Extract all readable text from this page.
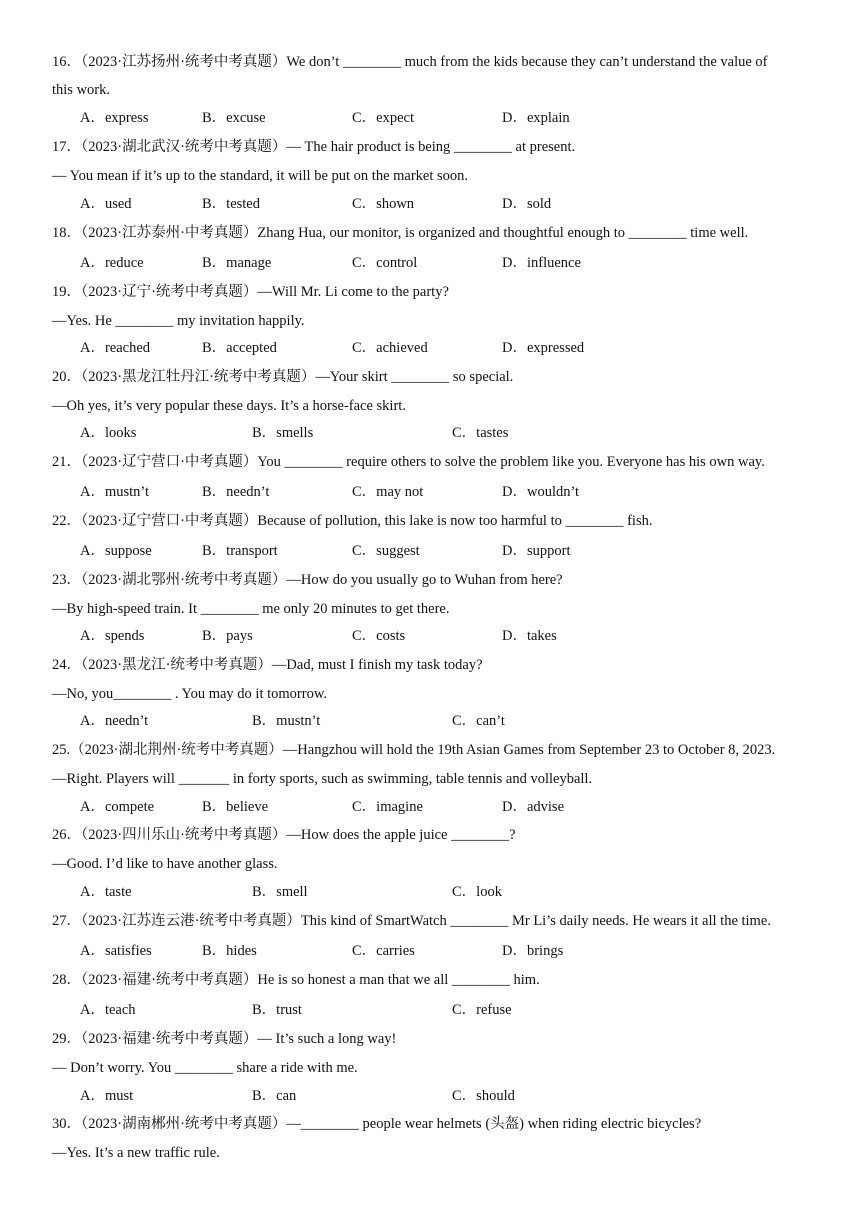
16．（2023·江苏扬州·统考中考真题）We don’t ________ much from the kids because they can’t understand the value of
this work.
A．express	B．excuse	C．expect	D．explain
17．（2023·湖北武汉·统考中考真题）— The hair product is being ________ at present.
— You mean if it’s up to the standard, it will be put on the market soon.
A．used	B．tested	C．shown	D．sold
18．（2023·江苏泰州·中考真题）Zhang Hua, our monitor, is organized and thoughtful enough to ________ time well.
A．reduce	B．manage	C．control	D．influence
19．（2023·辽宁·统考中考真题）—Will Mr. Li come to the party?
—Yes. He ________ my invitation happily.
A．reached	B．accepted	C．achieved	D．expressed
20．（2023·黑龙江牡丹江·统考中考真题）—Your skirt ________ so special.
—Oh yes, it’s very popular these days. It’s a horse-face skirt.
A．looks	B．smells	C．tastes
21．（2023·辽宁营口·中考真题）You ________ require others to solve the problem like you. Everyone has his own way.
A．mustn’t	B．needn’t	C．may not	D．wouldn’t
22．（2023·辽宁营口·中考真题）Because of pollution, this lake is now too harmful to ________ fish.
A．suppose	B．transport	C．suggest	D．support
23．（2023·湖北鄂州·统考中考真题）—How do you usually go to Wuhan from here?
—By high-speed train. It ________ me only 20 minutes to get there.
A．spends	B．pays	C．costs	D．takes
24．（2023·黑龙江·统考中考真题）—Dad, must I finish my task today?
—No, you________ . You may do it tomorrow.
A．needn’t	B．mustn’t	C．can’t
25.（2023·湖北荆州·统考中考真题）—Hangzhou will hold the 19th Asian Games from September 23 to October 8, 2023.
—Right. Players will _______ in forty sports, such as swimming, table tennis and volleyball.
A．compete	B．believe	C．imagine	D．advise
26．（2023·四川乐山·统考中考真题）—How does the apple juice ________?
—Good. I’d like to have another glass.
A．taste	B．smell	C．look
27．（2023·江苏连云港·统考中考真题）This kind of SmartWatch ________ Mr Li’s daily needs. He wears it all the time.
A．satisfies	B．hides	C．carries	D．brings
28．（2023·福建·统考中考真题）He is so honest a man that we all ________ him.
A．teach	B．trust	C．refuse
29．（2023·福建·统考中考真题）— It’s such a long way!
— Don’t worry. You ________ share a ride with me.
A．must	B．can	C．should
30．（2023·湖南郴州·统考中考真题）—________ people wear helmets (头盔) when riding electric bicycles?
—Yes. It’s a new traffic rule.
